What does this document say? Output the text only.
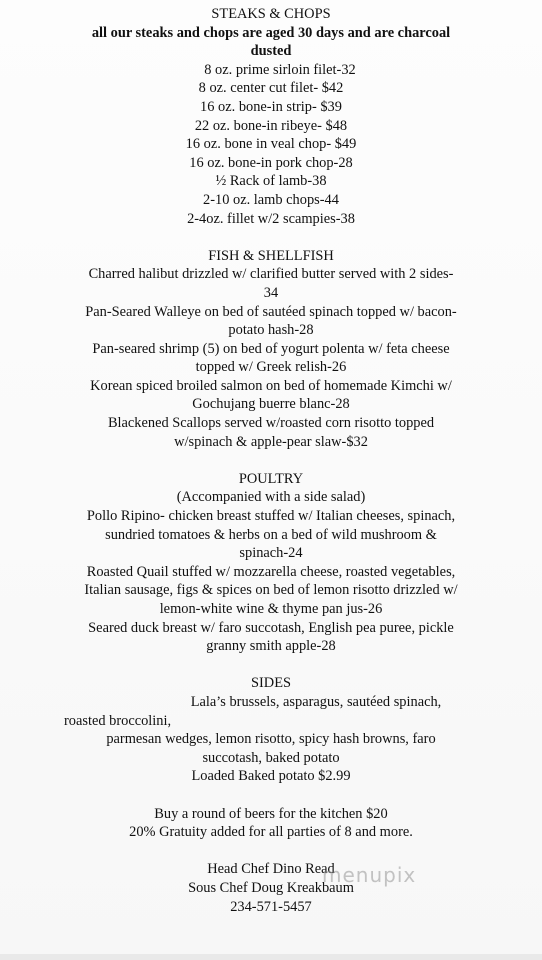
STEAKS & CHOPS
all our steaks and chops are aged 30 days and are charcoal
dusted
8 oz. prime sirloin filet-32
8 oz. center cut filet- $42
16 oz. bone-in strip- $39
22 oz. bone-in ribeye- $48
16 oz. bone in veal chop- $49
16 oz. bone-in pork chop-28
½ Rack of lamb-38
2-10 oz. lamb chops-44
2-4oz. fillet w/2 scampies-38
FISH & SHELLFISH
Charred halibut drizzled w/ clarified butter served with 2 sides-
34
Pan-Seared Walleye on bed of sautéed spinach topped w/ bacon-
potato hash-28
Pan-seared shrimp (5) on bed of yogurt polenta w/ feta cheese
topped w/ Greek relish-26
Korean spiced broiled salmon on bed of homemade Kimchi w/
Gochujang buerre blanc-28
Blackened Scallops served w/roasted corn risotto topped
w/spinach & apple-pear slaw-$32
POULTRY
(Accompanied with a side salad)
Pollo Ripino- chicken breast stuffed w/ Italian cheeses, spinach,
sundried tomatoes & herbs on a bed of wild mushroom &
spinach-24
Roasted Quail stuffed w/ mozzarella cheese, roasted vegetables,
Italian sausage, figs & spices on bed of lemon risotto drizzled w/
lemon-white wine & thyme pan jus-26
Seared duck breast w/ faro succotash, English pea puree, pickle
granny smith apple-28
SIDES
Lala’s brussels, asparagus, sautéed spinach,
roasted broccolini,
parmesan wedges, lemon risotto, spicy hash browns, faro
succotash, baked potato
Loaded Baked potato $2.99
Buy a round of beers for the kitchen $20
20% Gratuity added for all parties of 8 and more.
Head Chef Dino Read
Sous Chef Doug Kreakbaum
234-571-5457
menupix
